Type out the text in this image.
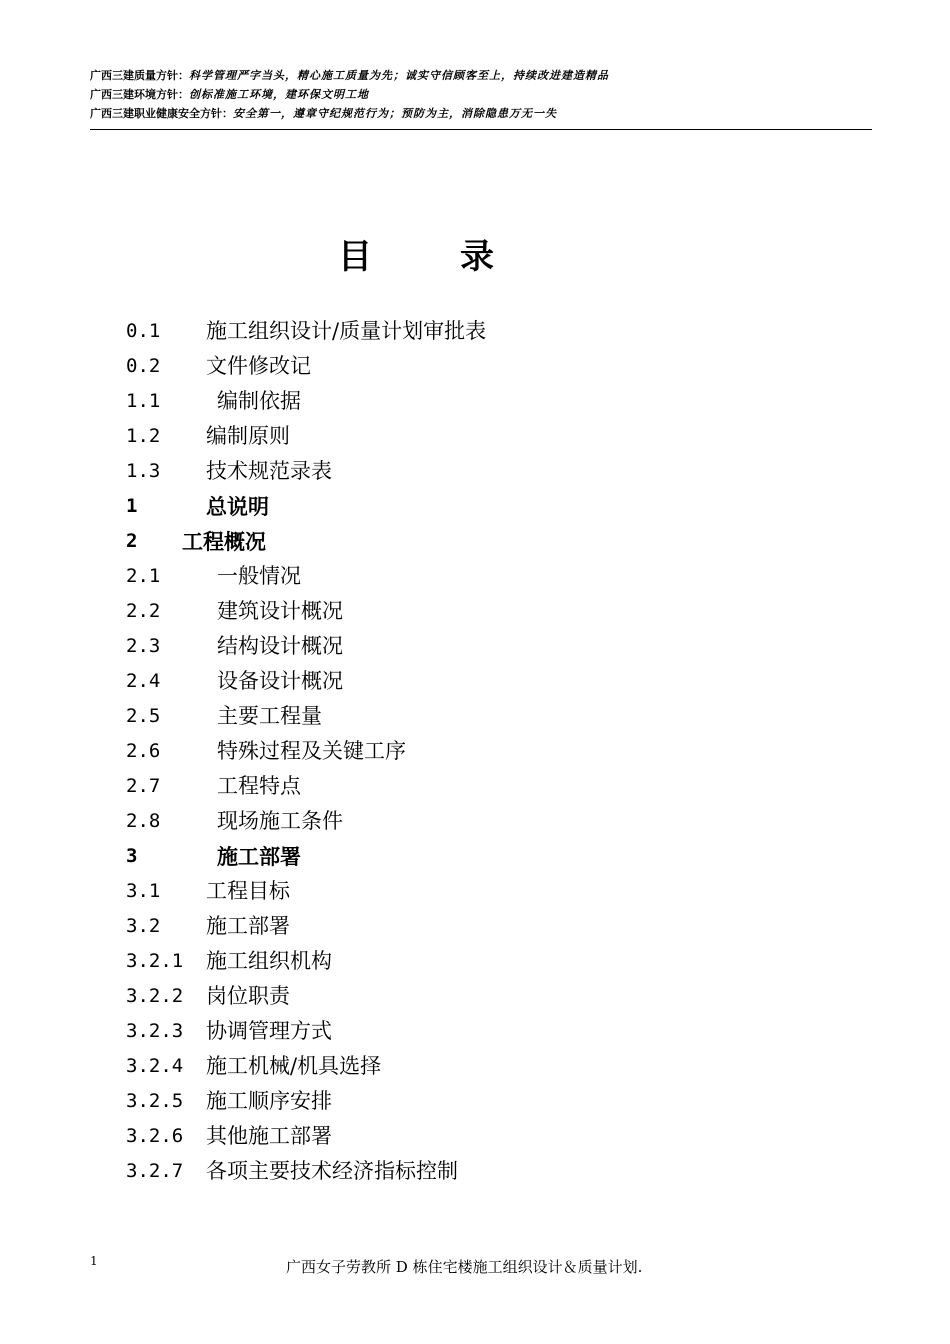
广西三建质量方针：科学管理严字当头，精心施工质量为先；诚实守信顾客至上，持续改进建造精品
广西三建环境方针：创标准施工环境，建环保文明工地
广西三建职业健康安全方针：安全第一，遵章守纪规范行为；预防为主，消除隐患万无一失
目	录
0.1 施工组织设计/质量计划审批表
0.2 文件修改记
1.1	编制依据
1.2 编制原则
1.3 技术规范录表
1	总说明
2 工程概况
2.1	一般情况
2.2	建筑设计概况
2.3	结构设计概况
2.4	设备设计概况
2.5	主要工程量
2.6	特殊过程及关键工序
2.7	工程特点
2.8	现场施工条件
3	施工部署
3.1 工程目标
3.2 施工部署
3.2.1 施工组织机构
3.2.2 岗位职责
3.2.3 协调管理方式
3.2.4 施工机械/机具选择
3.2.5 施工顺序安排
3.2.6 其他施工部署
3.2.7 各项主要技术经济指标控制
1	广西女子劳教所 D 栋住宅楼施工组织设计＆质量计划.
